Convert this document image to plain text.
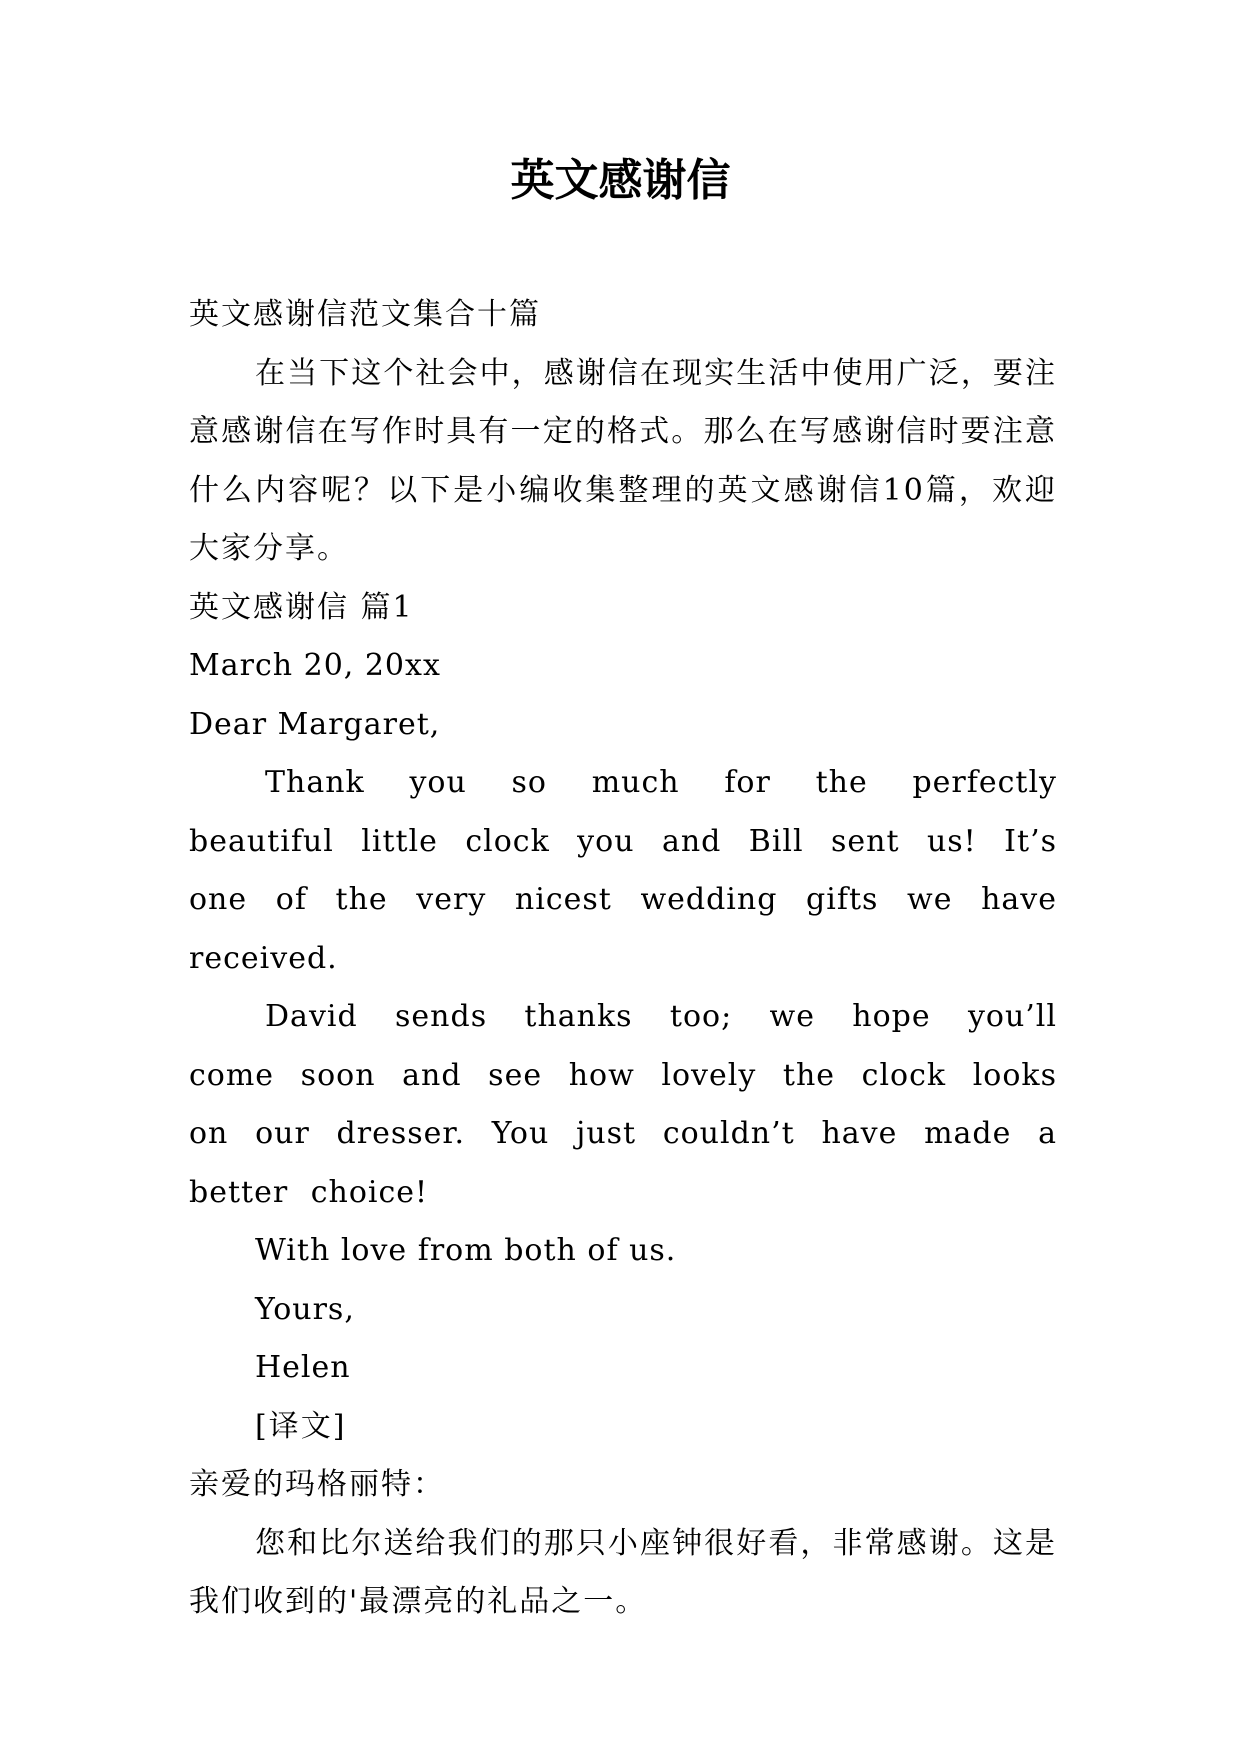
英文感谢信

英文感谢信范文集合十篇

在当下这个社会中，感谢信在现实生活中使用广泛，要注意感谢信在写作时具有一定的格式。那么在写感谢信时要注意什么内容呢？以下是小编收集整理的英文感谢信10篇，欢迎大家分享。

英文感谢信 篇1

March 20, 20xx

Dear Margaret,

Thank you so much for the perfectly beautiful little clock you and Bill sent us! It’s one of the very nicest wedding gifts we have received.

David sends thanks too; we hope you’ll come soon and see how lovely the clock looks on our dresser. You just couldn’t have made a better choice!

With love from both of us.

Yours,

Helen

[译文]

亲爱的玛格丽特：

您和比尔送给我们的那只小座钟很好看，非常感谢。这是我们收到的'最漂亮的礼品之一。
